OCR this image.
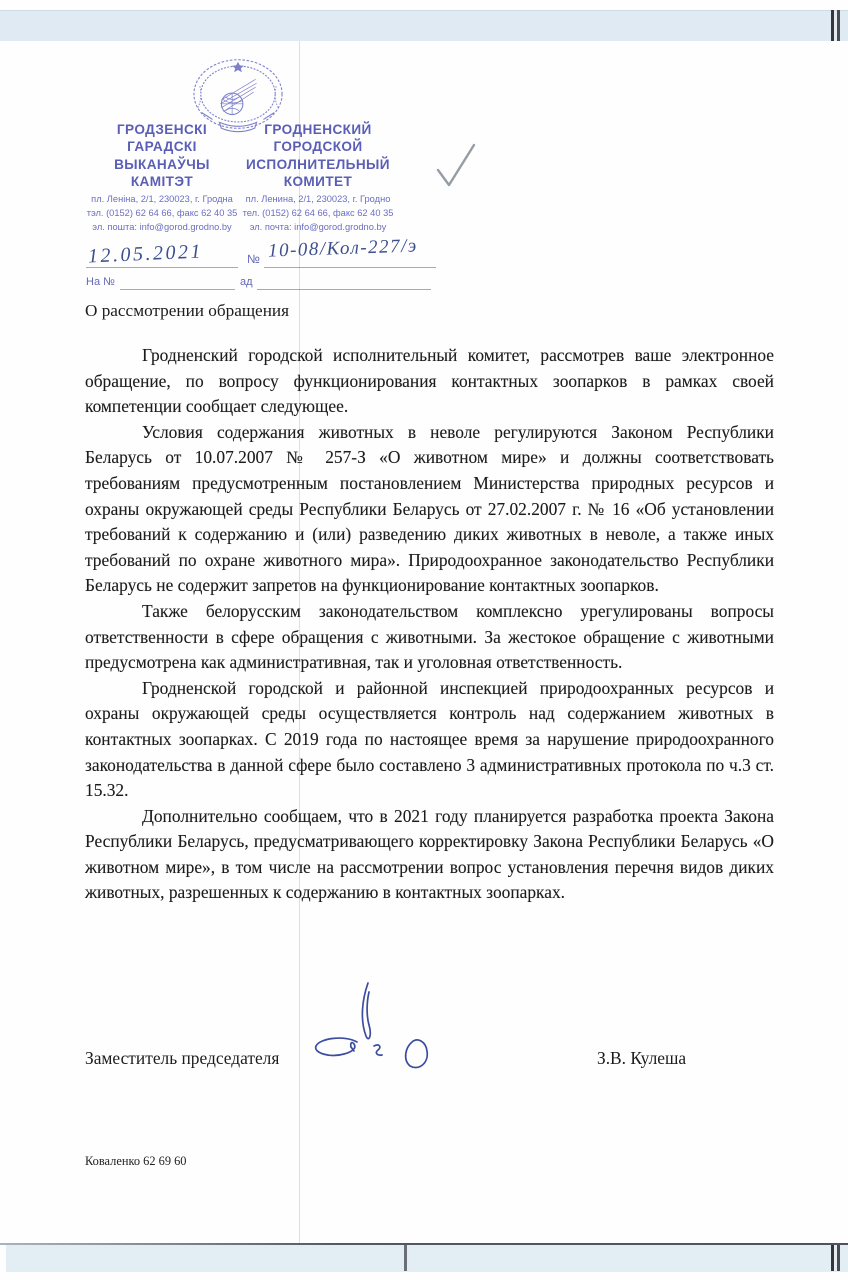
ГРОДЗЕНСКІ
ГАРАДСКІ
ВЫКАНАЎЧЫ
КАМІТЭТ
пл. Леніна, 2/1, 230023, г. Гродна
тэл. (0152) 62 64 66, факс 62 40 35
эл. пошта: info@gorod.grodno.by
ГРОДНЕНСКИЙ
ГОРОДСКОЙ
ИСПОЛНИТЕЛЬНЫЙ
КОМИТЕТ
пл. Ленина, 2/1, 230023, г. Гродно
тел. (0152) 62 64 66, факс 62 40 35
эл. почта: info@gorod.grodno.by
12.05.2021	№ 10-08/Кол-227/э
На №	ад
О рассмотрении обращения

Гродненский городской исполнительный комитет, рассмотрев ваше электронное обращение, по вопросу функционирования контактных зоопарков в рамках своей компетенции сообщает следующее.

Условия содержания животных в неволе регулируются Законом Республики Беларусь от 10.07.2007 № 257-З «О животном мире» и должны соответствовать требованиям предусмотренным постановлением Министерства природных ресурсов и охраны окружающей среды Республики Беларусь от 27.02.2007 г. № 16 «Об установлении требований к содержанию и (или) разведению диких животных в неволе, а также иных требований по охране животного мира». Природоохранное законодательство Республики Беларусь не содержит запретов на функционирование контактных зоопарков.

Также белорусским законодательством комплексно урегулированы вопросы ответственности в сфере обращения с животными. За жестокое обращение с животными предусмотрена как административная, так и уголовная ответственность.

Гродненской городской и районной инспекцией природоохранных ресурсов и охраны окружающей среды осуществляется контроль над содержанием животных в контактных зоопарках. С 2019 года по настоящее время за нарушение природоохранного законодательства в данной сфере было составлено 3 административных протокола по ч.3 ст. 15.32.

Дополнительно сообщаем, что в 2021 году планируется разработка проекта Закона Республики Беларусь, предусматривающего корректировку Закона Республики Беларусь «О животном мире», в том числе на рассмотрении вопрос установления перечня видов диких животных, разрешенных к содержанию в контактных зоопарках.

Заместитель председателя	З.В. Кулеша
Коваленко 62 69 60
